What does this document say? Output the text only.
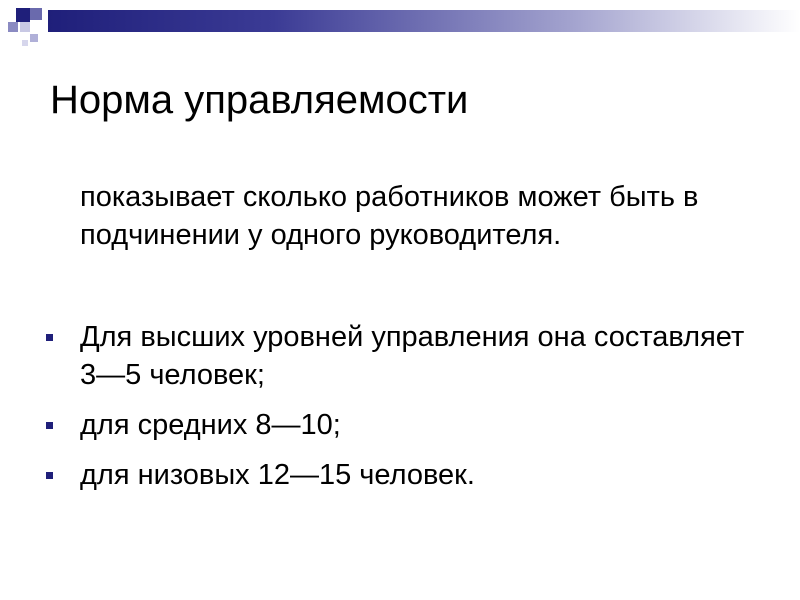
Норма управляемости
показывает сколько работников может быть в подчинении у одного руководителя.
Для высших уровней управления она составляет 3—5 человек;
для средних 8—10;
для низовых 12—15 человек.
